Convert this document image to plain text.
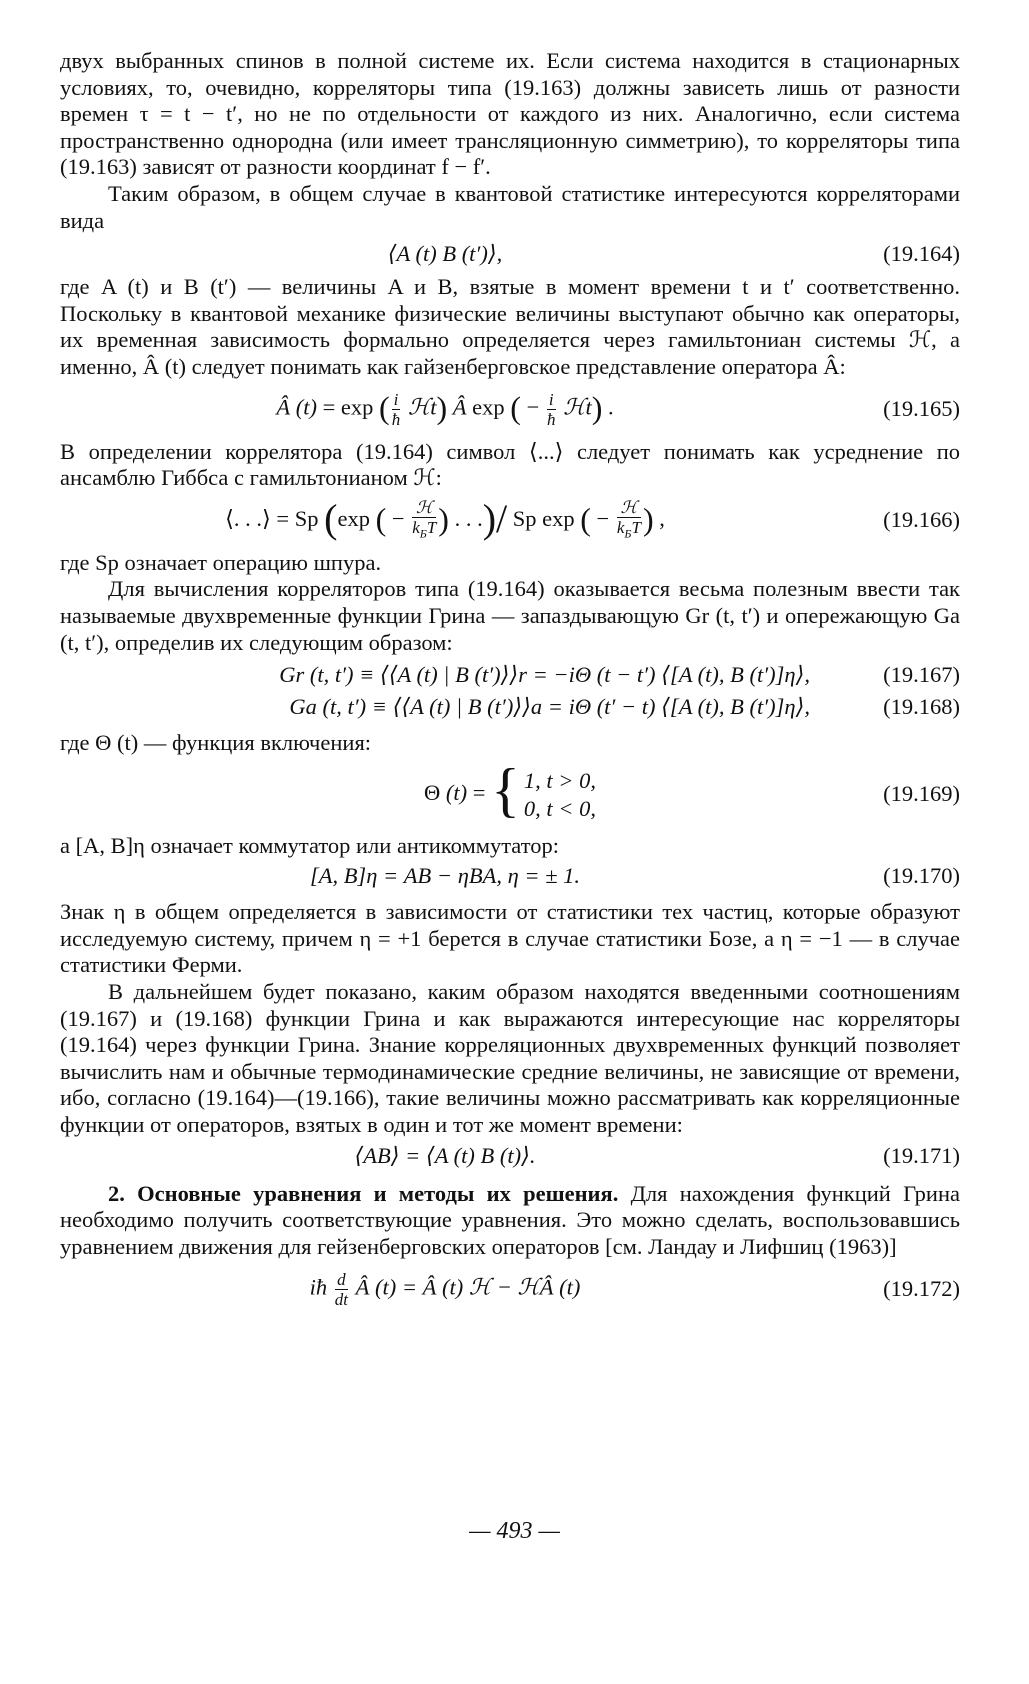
двух выбранных спинов в полной системе их. Если система находится в стационарных условиях, то, очевидно, корреляторы типа (19.163) должны зависеть лишь от разности времен τ = t − t′, но не по отдельности от каждого из них. Аналогично, если система пространственно однородна (или имеет трансляционную симметрию), то корреляторы типа (19.163) зависят от разности координат f − f′.

Таким образом, в общем случае в квантовой статистике интересуются корреляторами вида

⟨A (t) B (t′)⟩,	(19.164)

где A (t) и B (t′) — величины A и B, взятые в момент времени t и t′ соответственно. Поскольку в квантовой механике физические величины выступают обычно как операторы, их временная зависимость формально определяется через гамильтониан системы ℋ, а именно, Â (t) следует понимать как гайзенберговское представление оператора Â:

Â (t) = exp ( $\frac{i}{ħ}$ ℋt) Â exp ( − $\frac{i}{ħ}$ ℋt) .	(19.165)

В определении коррелятора (19.164) символ ⟨...⟩ следует понимать как усреднение по ансамблю Гиббса с гамильтонианом ℋ:

⟨. . .⟩ = Sp (exp ( − ℋ
$k_БT$ ) . . .)/ Sp exp ( − ℋ
$k_БT$ ) ,	(19.166)

где Sp означает операцию шпура.

Для вычисления корреляторов типа (19.164) оказывается весьма полезным ввести так называемые двухвременные функции Грина — запаздывающую Gr (t, t′) и опережающую Ga (t, t′), определив их следующим образом:

Gr (t, t′) ≡ ⟨⟨A (t) | B (t′)⟩⟩r = −iΘ (t − t′) ⟨[A (t), B (t′)]η⟩,	(19.167)
Ga (t, t′) ≡ ⟨⟨A (t) | B (t′)⟩⟩a = iΘ (t′ − t) ⟨[A (t), B (t′)]η⟩,	(19.168)

где Θ (t) — функция включения:

Θ (t) = { 1, t > 0,
0, t < 0,
(19.169)

а [A, B]η означает коммутатор или антикоммутатор:

[A, B]η = AB − ηBA, η = ± 1.	(19.170)

Знак η в общем определяется в зависимости от статистики тех частиц, которые образуют исследуемую систему, причем η = +1 берется в случае статистики Бозе, а η = −1 — в случае статистики Ферми.

В дальнейшем будет показано, каким образом находятся введенными соотношениям (19.167) и (19.168) функции Грина и как выражаются интересующие нас корреляторы (19.164) через функции Грина. Знание корреляционных двухвременных функций позволяет вычислить нам и обычные термодинамические средние величины, не зависящие от времени, ибо, согласно (19.164)—(19.166), такие величины можно рассматривать как корреляционные функции от операторов, взятых в один и тот же момент времени:

⟨AB⟩ = ⟨A (t) B (t)⟩.	(19.171)

2. Основные уравнения и методы их решения. Для нахождения функций Грина необходимо получить соответствующие уравнения. Это можно сделать, воспользовавшись уравнением движения для гейзенберговских операторов [см. Ландау и Лифшиц (1963)]

iħ $\frac{d}{dt}$ Â (t) = Â (t) ℋ − ℋÂ (t)	(19.172)
— 493 —
